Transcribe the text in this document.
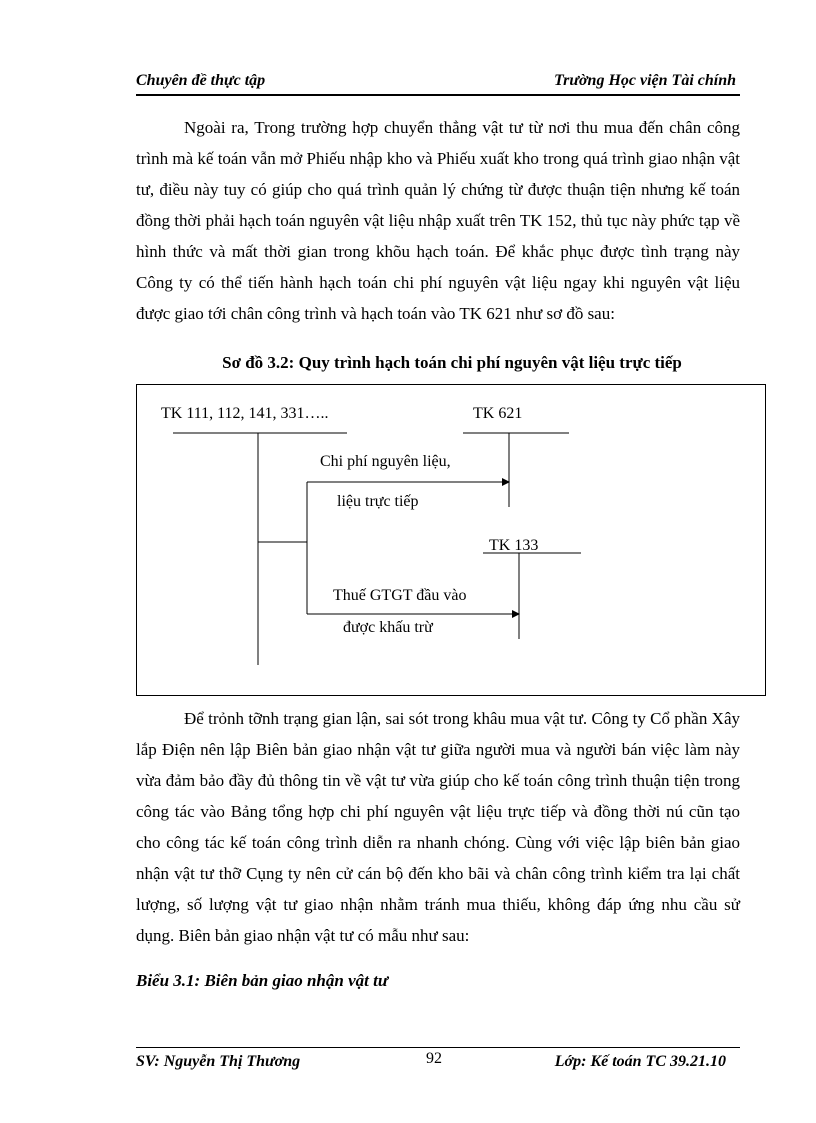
Chuyên đề thực tập	Trường Học viện Tài chính

Ngoài ra, Trong trường hợp chuyển thẳng vật tư từ nơi thu mua đến chân công trình mà kế toán vẫn mở Phiếu nhập kho và Phiếu xuất kho trong quá trình giao nhận vật tư, điều này tuy có giúp cho quá trình quản lý chứng từ được thuận tiện nhưng kế toán đồng thời phải hạch toán nguyên vật liệu nhập xuất trên TK 152, thủ tục này phức tạp về hình thức và mất thời gian trong khõu hạch toán. Để khắc phục được tình trạng này Công ty có thể tiến hành hạch toán chi phí nguyên vật liệu ngay khi nguyên vật liệu được giao tới chân công trình và hạch toán vào TK 621 như sơ đồ sau:

Sơ đồ 3.2: Quy trình hạch toán chi phí nguyên vật liệu trực tiếp
TK 111, 112, 141, 331…..	TK 621
TK 133
Chi phí nguyên liệu,
liệu trực tiếp
Thuế GTGT đầu vào
được khấu trừ

Để trỏnh tỡnh trạng gian lận, sai sót trong khâu mua vật tư. Công ty Cổ phần Xây lắp Điện nên lập Biên bản giao nhận vật tư giữa người mua và người bán việc làm này vừa đảm bảo đầy đủ thông tin về vật tư vừa giúp cho kế toán công trình thuận tiện trong công tác vào Bảng tổng hợp chi phí nguyên vật liệu trực tiếp và đồng thời nú cũn tạo cho công tác kế toán công trình diễn ra nhanh chóng. Cùng với việc lập biên bản giao nhận vật tư thỡ Cụng ty nên cử cán bộ đến kho bãi và chân công trình kiểm tra lại chất lượng, số lượng vật tư giao nhận nhằm tránh mua thiếu, không đáp ứng nhu cầu sử dụng. Biên bản giao nhận vật tư có mẫu như sau:

Biểu 3.1: Biên bản giao nhận vật tư
SV: Nguyễn Thị Thương	92	Lớp: Kế toán TC 39.21.10
